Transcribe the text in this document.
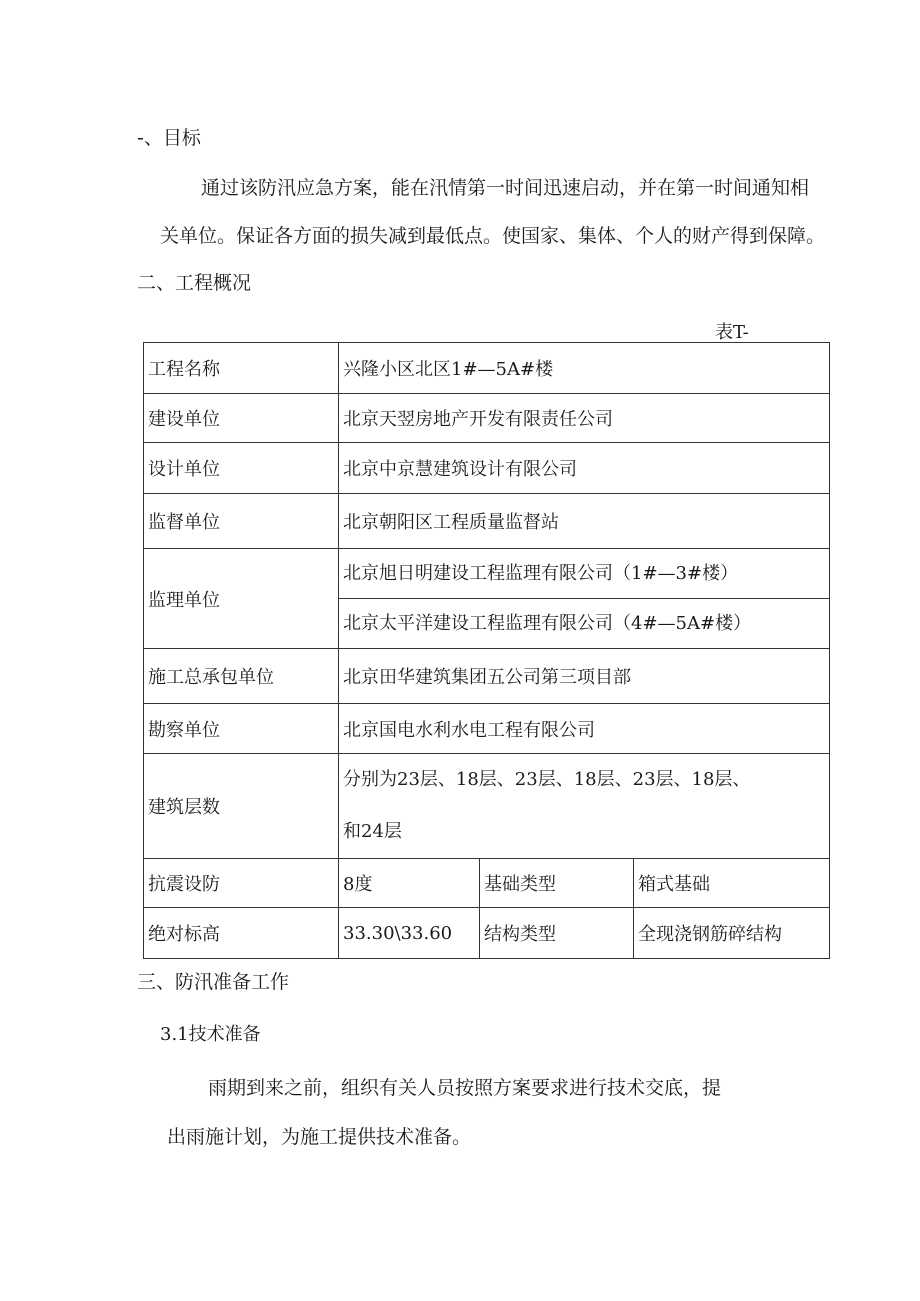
-、目标
通过该防汛应急方案，能在汛情第一时间迅速启动，并在第一时间通知相
关单位。保证各方面的损失减到最低点。使国家、集体、个人的财产得到保障。
二、工程概况
表T-
工程名称	兴隆小区北区1#—5A#楼		
建设单位	北京天翌房地产开发有限责任公司		
设计单位	北京中京慧建筑设计有限公司		
监督单位	北京朝阳区工程质量监督站		
监理单位	北京旭日明建设工程监理有限公司（1#—3#楼）
北京太平洋建设工程监理有限公司（4#—5A#楼）		

施工总承包单位	北京田华建筑集团五公司第三项目部		
勘察单位	北京国电水利水电工程有限公司		
建筑层数	分别为23层、18层、23层、18层、23层、18层、
和24层		

抗震设防	8度	基础类型	箱式基础
绝对标高	33.30\33.60	结构类型	全现浇钢筋碎结构
三、防汛准备工作
3.1技术准备
雨期到来之前，组织有关人员按照方案要求进行技术交底，提
出雨施计划，为施工提供技术准备。
